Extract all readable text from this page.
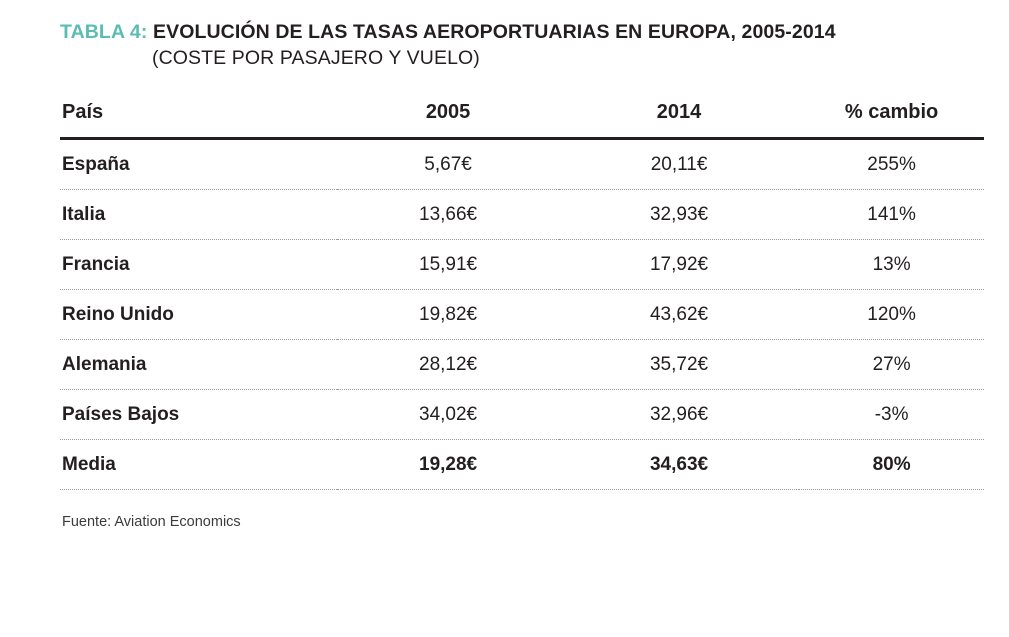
TABLA 4: EVOLUCIÓN DE LAS TASAS AEROPORTUARIAS EN EUROPA, 2005-2014
(COSTE POR PASAJERO Y VUELO)
País	2005	2014	% cambio
España	5,67€	20,11€	255%
Italia	13,66€	32,93€	141%
Francia	15,91€	17,92€	13%
Reino Unido	19,82€	43,62€	120%
Alemania	28,12€	35,72€	27%
Países Bajos	34,02€	32,96€	-3%
Media	19,28€	34,63€	80%
Fuente: Aviation Economics
